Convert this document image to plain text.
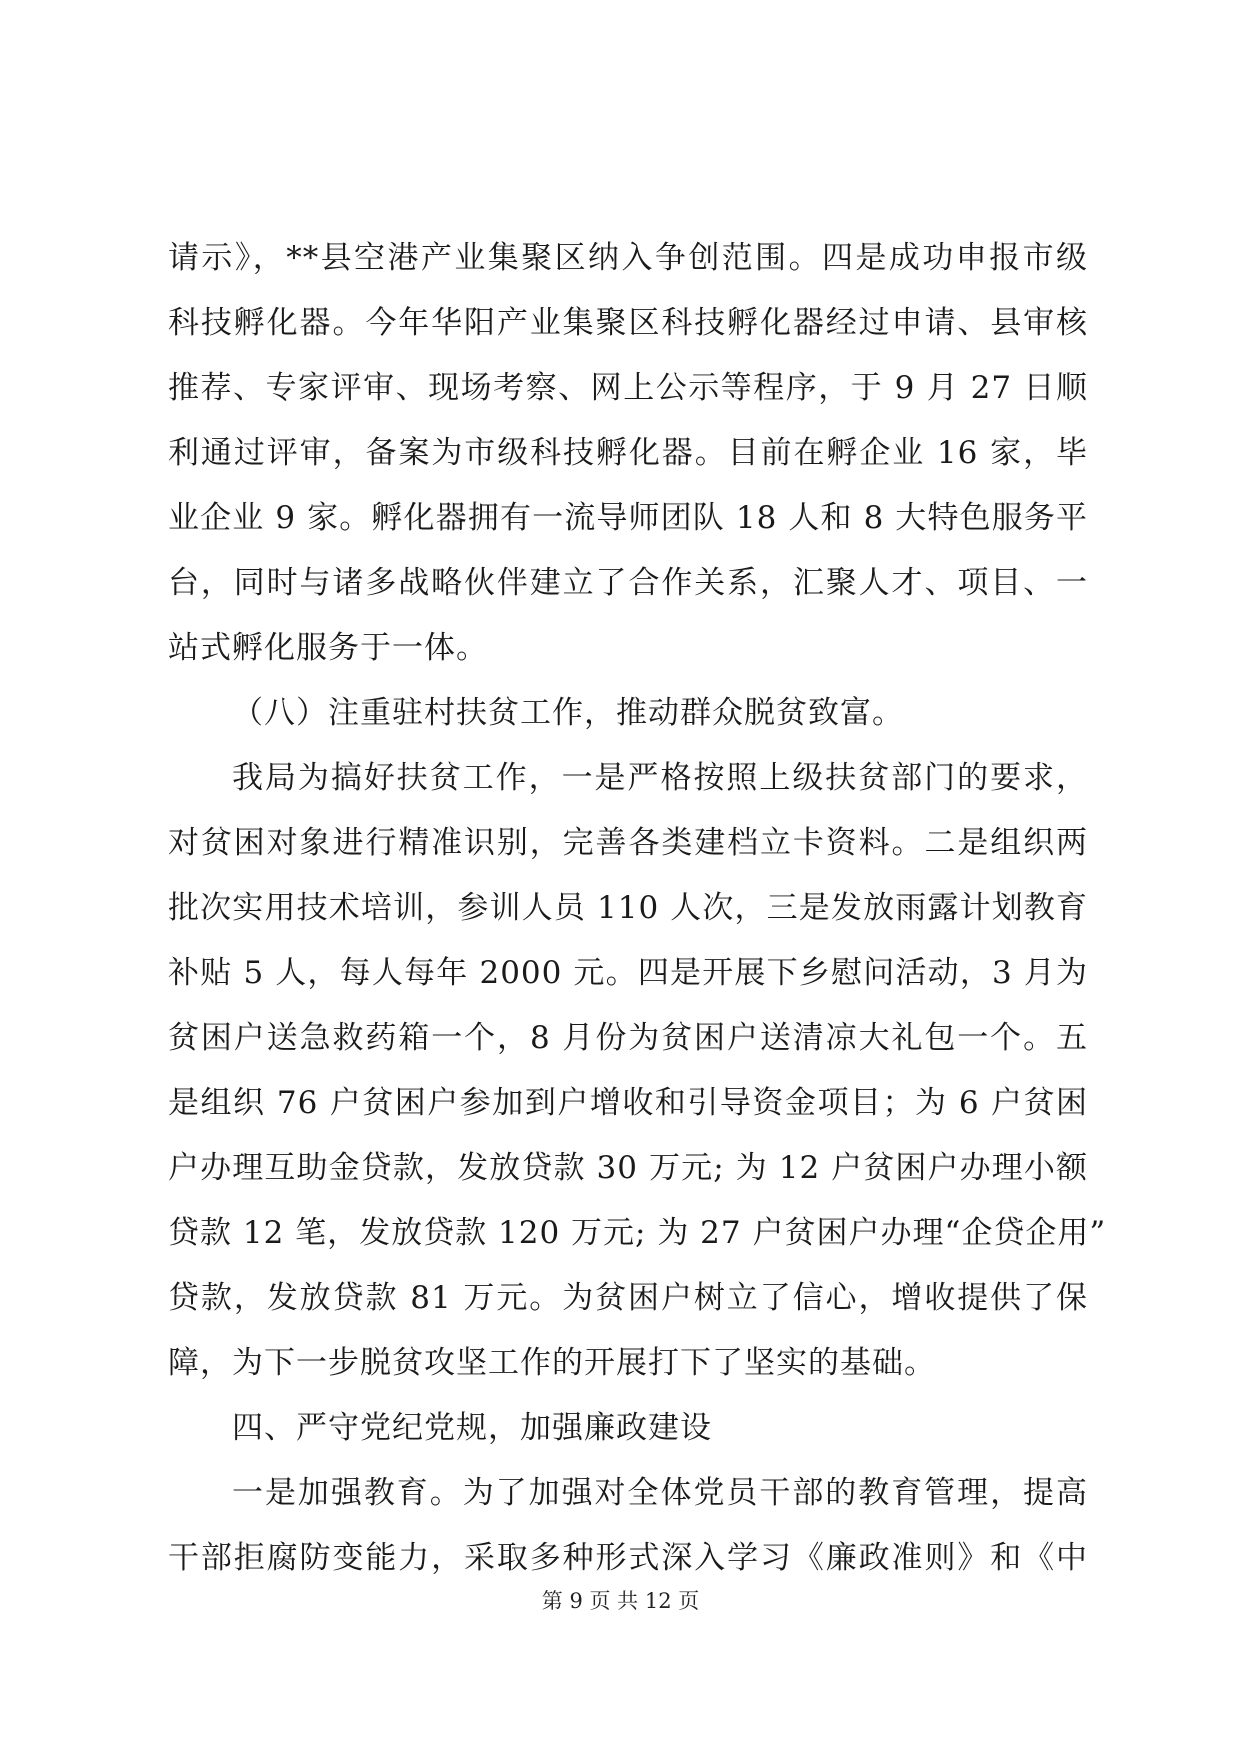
请示》，**县空港产业集聚区纳入争创范围。四是成功申报市级
科技孵化器。今年华阳产业集聚区科技孵化器经过申请、县审核
推荐、专家评审、现场考察、网上公示等程序，于 9 月 27 日顺
利通过评审，备案为市级科技孵化器。目前在孵企业 16 家，毕
业企业 9 家。孵化器拥有一流导师团队 18 人和 8 大特色服务平
台，同时与诸多战略伙伴建立了合作关系，汇聚人才、项目、一
站式孵化服务于一体。
（八）注重驻村扶贫工作，推动群众脱贫致富。
我局为搞好扶贫工作，一是严格按照上级扶贫部门的要求，
对贫困对象进行精准识别，完善各类建档立卡资料。二是组织两
批次实用技术培训，参训人员 110 人次，三是发放雨露计划教育
补贴 5 人，每人每年 2000 元。四是开展下乡慰问活动，3 月为
贫困户送急救药箱一个，8 月份为贫困户送清凉大礼包一个。五
是组织 76 户贫困户参加到户增收和引导资金项目；为 6 户贫困
户办理互助金贷款，发放贷款 30 万元; 为 12 户贫困户办理小额
贷款 12 笔，发放贷款 120 万元; 为 27 户贫困户办理“企贷企用”
贷款，发放贷款 81 万元。为贫困户树立了信心，增收提供了保
障，为下一步脱贫攻坚工作的开展打下了坚实的基础。
四、严守党纪党规，加强廉政建设
一是加强教育。为了加强对全体党员干部的教育管理，提高
干部拒腐防变能力，采取多种形式深入学习《廉政准则》和《中
第 9 页 共 12 页
